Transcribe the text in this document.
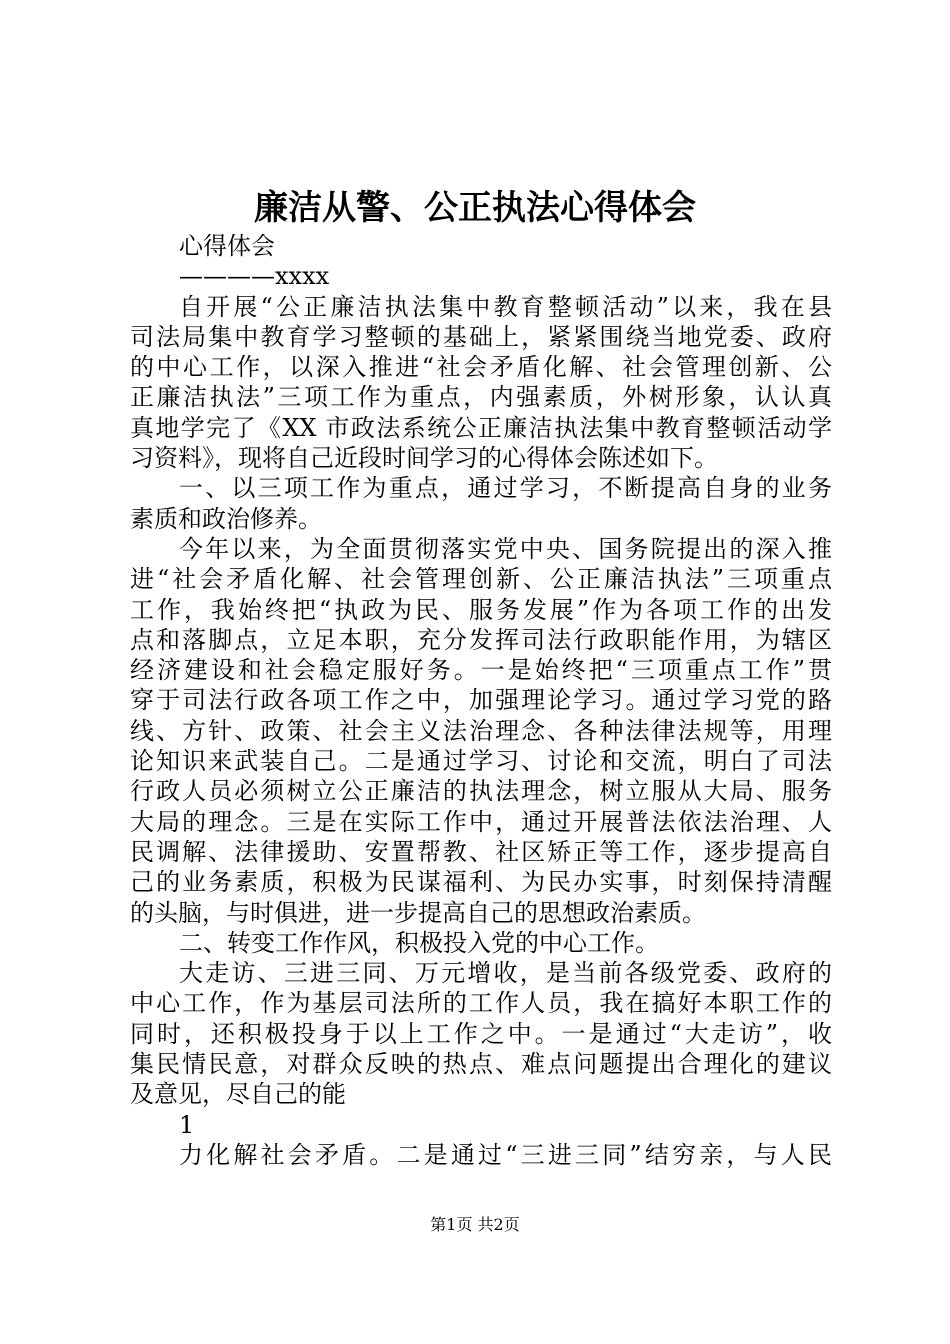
廉洁从警、公正执法心得体会
心得体会
————xxxx
自开展“公正廉洁执法集中教育整顿活动”以来，我在县
司法局集中教育学习整顿的基础上，紧紧围绕当地党委、政府
的中心工作，以深入推进“社会矛盾化解、社会管理创新、公
正廉洁执法”三项工作为重点，内强素质，外树形象，认认真
真地学完了《XX 市政法系统公正廉洁执法集中教育整顿活动学
习资料》，现将自己近段时间学习的心得体会陈述如下。
一、以三项工作为重点，通过学习，不断提高自身的业务
素质和政治修养。
今年以来，为全面贯彻落实党中央、国务院提出的深入推
进“社会矛盾化解、社会管理创新、公正廉洁执法”三项重点
工作，我始终把“执政为民、服务发展”作为各项工作的出发
点和落脚点，立足本职，充分发挥司法行政职能作用，为辖区
经济建设和社会稳定服好务。一是始终把“三项重点工作”贯
穿于司法行政各项工作之中，加强理论学习。通过学习党的路
线、方针、政策、社会主义法治理念、各种法律法规等，用理
论知识来武装自己。二是通过学习、讨论和交流，明白了司法
行政人员必须树立公正廉洁的执法理念，树立服从大局、服务
大局的理念。三是在实际工作中，通过开展普法依法治理、人
民调解、法律援助、安置帮教、社区矫正等工作，逐步提高自
己的业务素质，积极为民谋福利、为民办实事，时刻保持清醒
的头脑，与时俱进，进一步提高自己的思想政治素质。
二、转变工作作风，积极投入党的中心工作。
大走访、三进三同、万元增收，是当前各级党委、政府的
中心工作，作为基层司法所的工作人员，我在搞好本职工作的
同时，还积极投身于以上工作之中。一是通过“大走访”，收
集民情民意，对群众反映的热点、难点问题提出合理化的建议
及意见，尽自己的能
1
力化解社会矛盾。二是通过“三进三同”结穷亲，与人民
第1页 共2页
